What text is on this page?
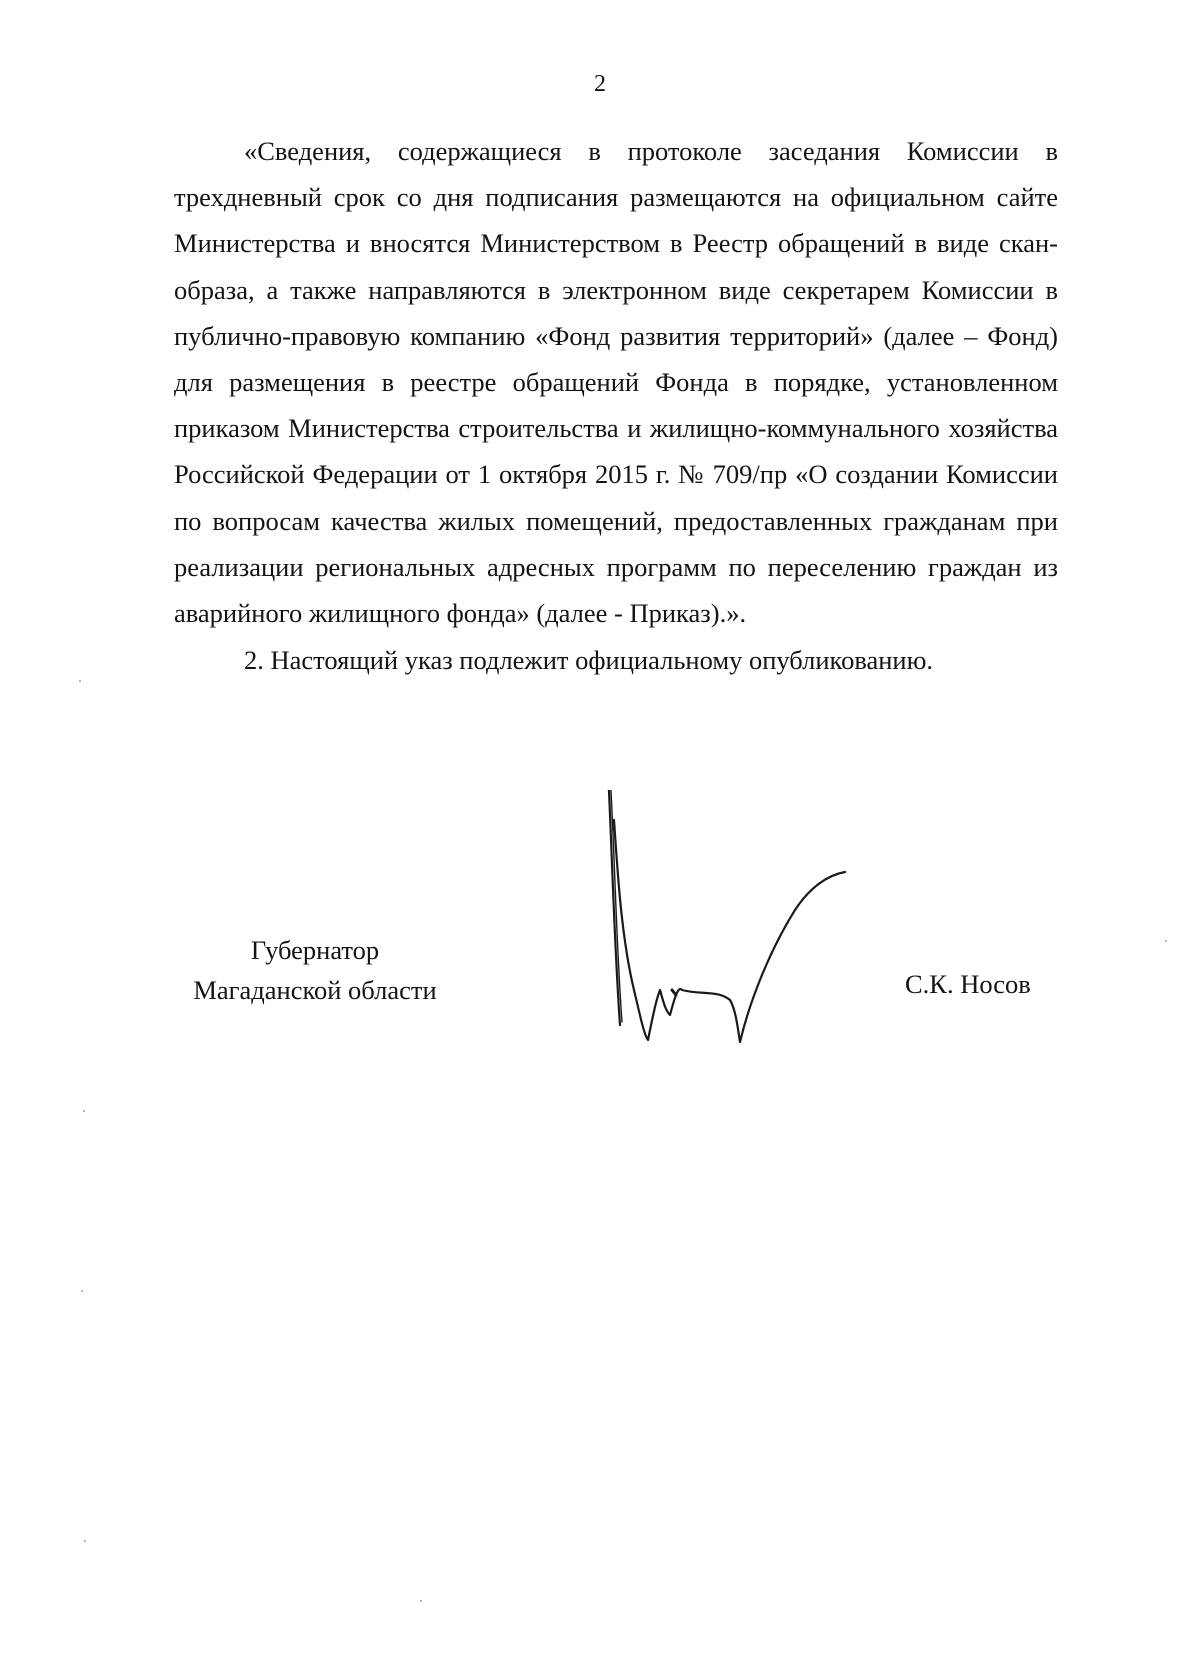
2

«Сведения, содержащиеся в протоколе заседания Комиссии в трехдневный срок со дня подписания размещаются на официальном сайте Министерства и вносятся Министерством в Реестр обращений в виде скан-образа, а также направляются в электронном виде секретарем Комиссии в публично-правовую компанию «Фонд развития территорий» (далее – Фонд) для размещения в реестре обращений Фонда в порядке, установленном приказом Министерства строительства и жилищно-коммунального хозяйства Российской Федерации от 1 октября 2015 г. № 709/пр «О создании Комиссии по вопросам качества жилых помещений, предоставленных гражданам при реализации региональных адресных программ по переселению граждан из аварийного жилищного фонда» (далее - Приказ).».

2. Настоящий указ подлежит официальному опубликованию.

Губернатор
Магаданской области	С.К. Носов
